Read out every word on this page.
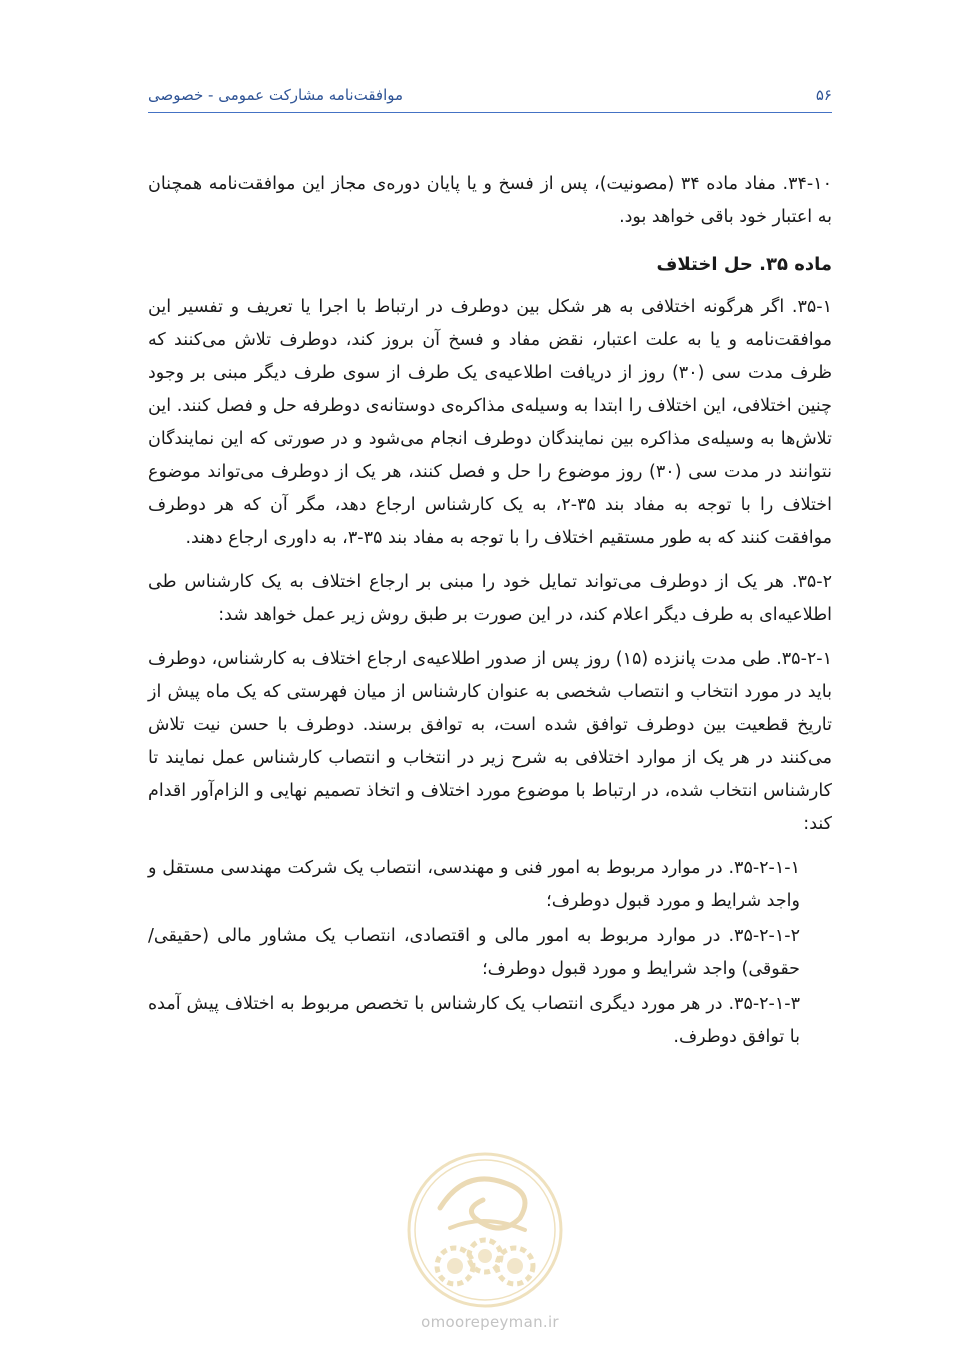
موافقت‌نامه مشارکت عمومی - خصوصی	۵۶

۳۴-۱۰. مفاد ماده ۳۴ (مصونیت)، پس از فسخ و یا پایان دوره‌ی مجاز این موافقت‌نامه همچنان به اعتبار خود باقی خواهد بود.

ماده ۳۵. حل اختلاف

۳۵-۱. اگر هرگونه اختلافی به هر شکل بین دوطرف در ارتباط با اجرا یا تعریف و تفسیر این موافقت‌نامه و یا به علت اعتبار، نقض مفاد و فسخ آن بروز کند، دوطرف تلاش می‌کنند که ظرف مدت سی (۳۰) روز از دریافت اطلاعیه‌ی یک طرف از سوی طرف دیگر مبنی بر وجود چنین اختلافی، این اختلاف را ابتدا به وسیله‌ی مذاکره‌ی دوستانه‌ی دوطرفه حل و فصل کنند. این تلاش‌ها به وسیله‌ی مذاکره بین نمایندگان دوطرف انجام می‌شود و در صورتی که این نمایندگان نتوانند در مدت سی (۳۰) روز موضوع را حل و فصل کنند، هر یک از دوطرف می‌تواند موضوع اختلاف را با توجه به مفاد بند ۳۵-۲، به یک کارشناس ارجاع دهد، مگر آن که هر دوطرف موافقت کنند که به طور مستقیم اختلاف را با توجه به مفاد بند ۳۵-۳، به داوری ارجاع دهند.

۳۵-۲. هر یک از دوطرف می‌تواند تمایل خود را مبنی بر ارجاع اختلاف به یک کارشناس طی اطلاعیه‌ای به طرف دیگر اعلام کند، در این صورت بر طبق روش زیر عمل خواهد شد:

۳۵-۲-۱. طی مدت پانزده (۱۵) روز پس از صدور اطلاعیه‌ی ارجاع اختلاف به کارشناس، دوطرف باید در مورد انتخاب و انتصاب شخصی به عنوان کارشناس از میان فهرستی که یک ماه پیش از تاریخ قطعیت بین دوطرف توافق شده است، به توافق برسند. دوطرف با حسن نیت تلاش می‌کنند در هر یک از موارد اختلافی به شرح زیر در انتخاب و انتصاب کارشناس عمل نمایند تا کارشناس انتخاب شده، در ارتباط با موضوع مورد اختلاف و اتخاذ تصمیم نهایی و الزام‌آور اقدام کند:

۳۵-۲-۱-۱. در موارد مربوط به امور فنی و مهندسی، انتصاب یک شرکت مهندسی مستقل و واجد شرایط و مورد قبول دوطرف؛

۳۵-۲-۱-۲. در موارد مربوط به امور مالی و اقتصادی، انتصاب یک مشاور مالی (حقیقی/حقوقی) واجد شرایط و مورد قبول دوطرف؛

۳۵-۲-۱-۳. در هر مورد دیگری انتصاب یک کارشناس با تخصص مربوط به اختلاف پیش آمده با توافق دوطرف.

omoorepeyman.ir
